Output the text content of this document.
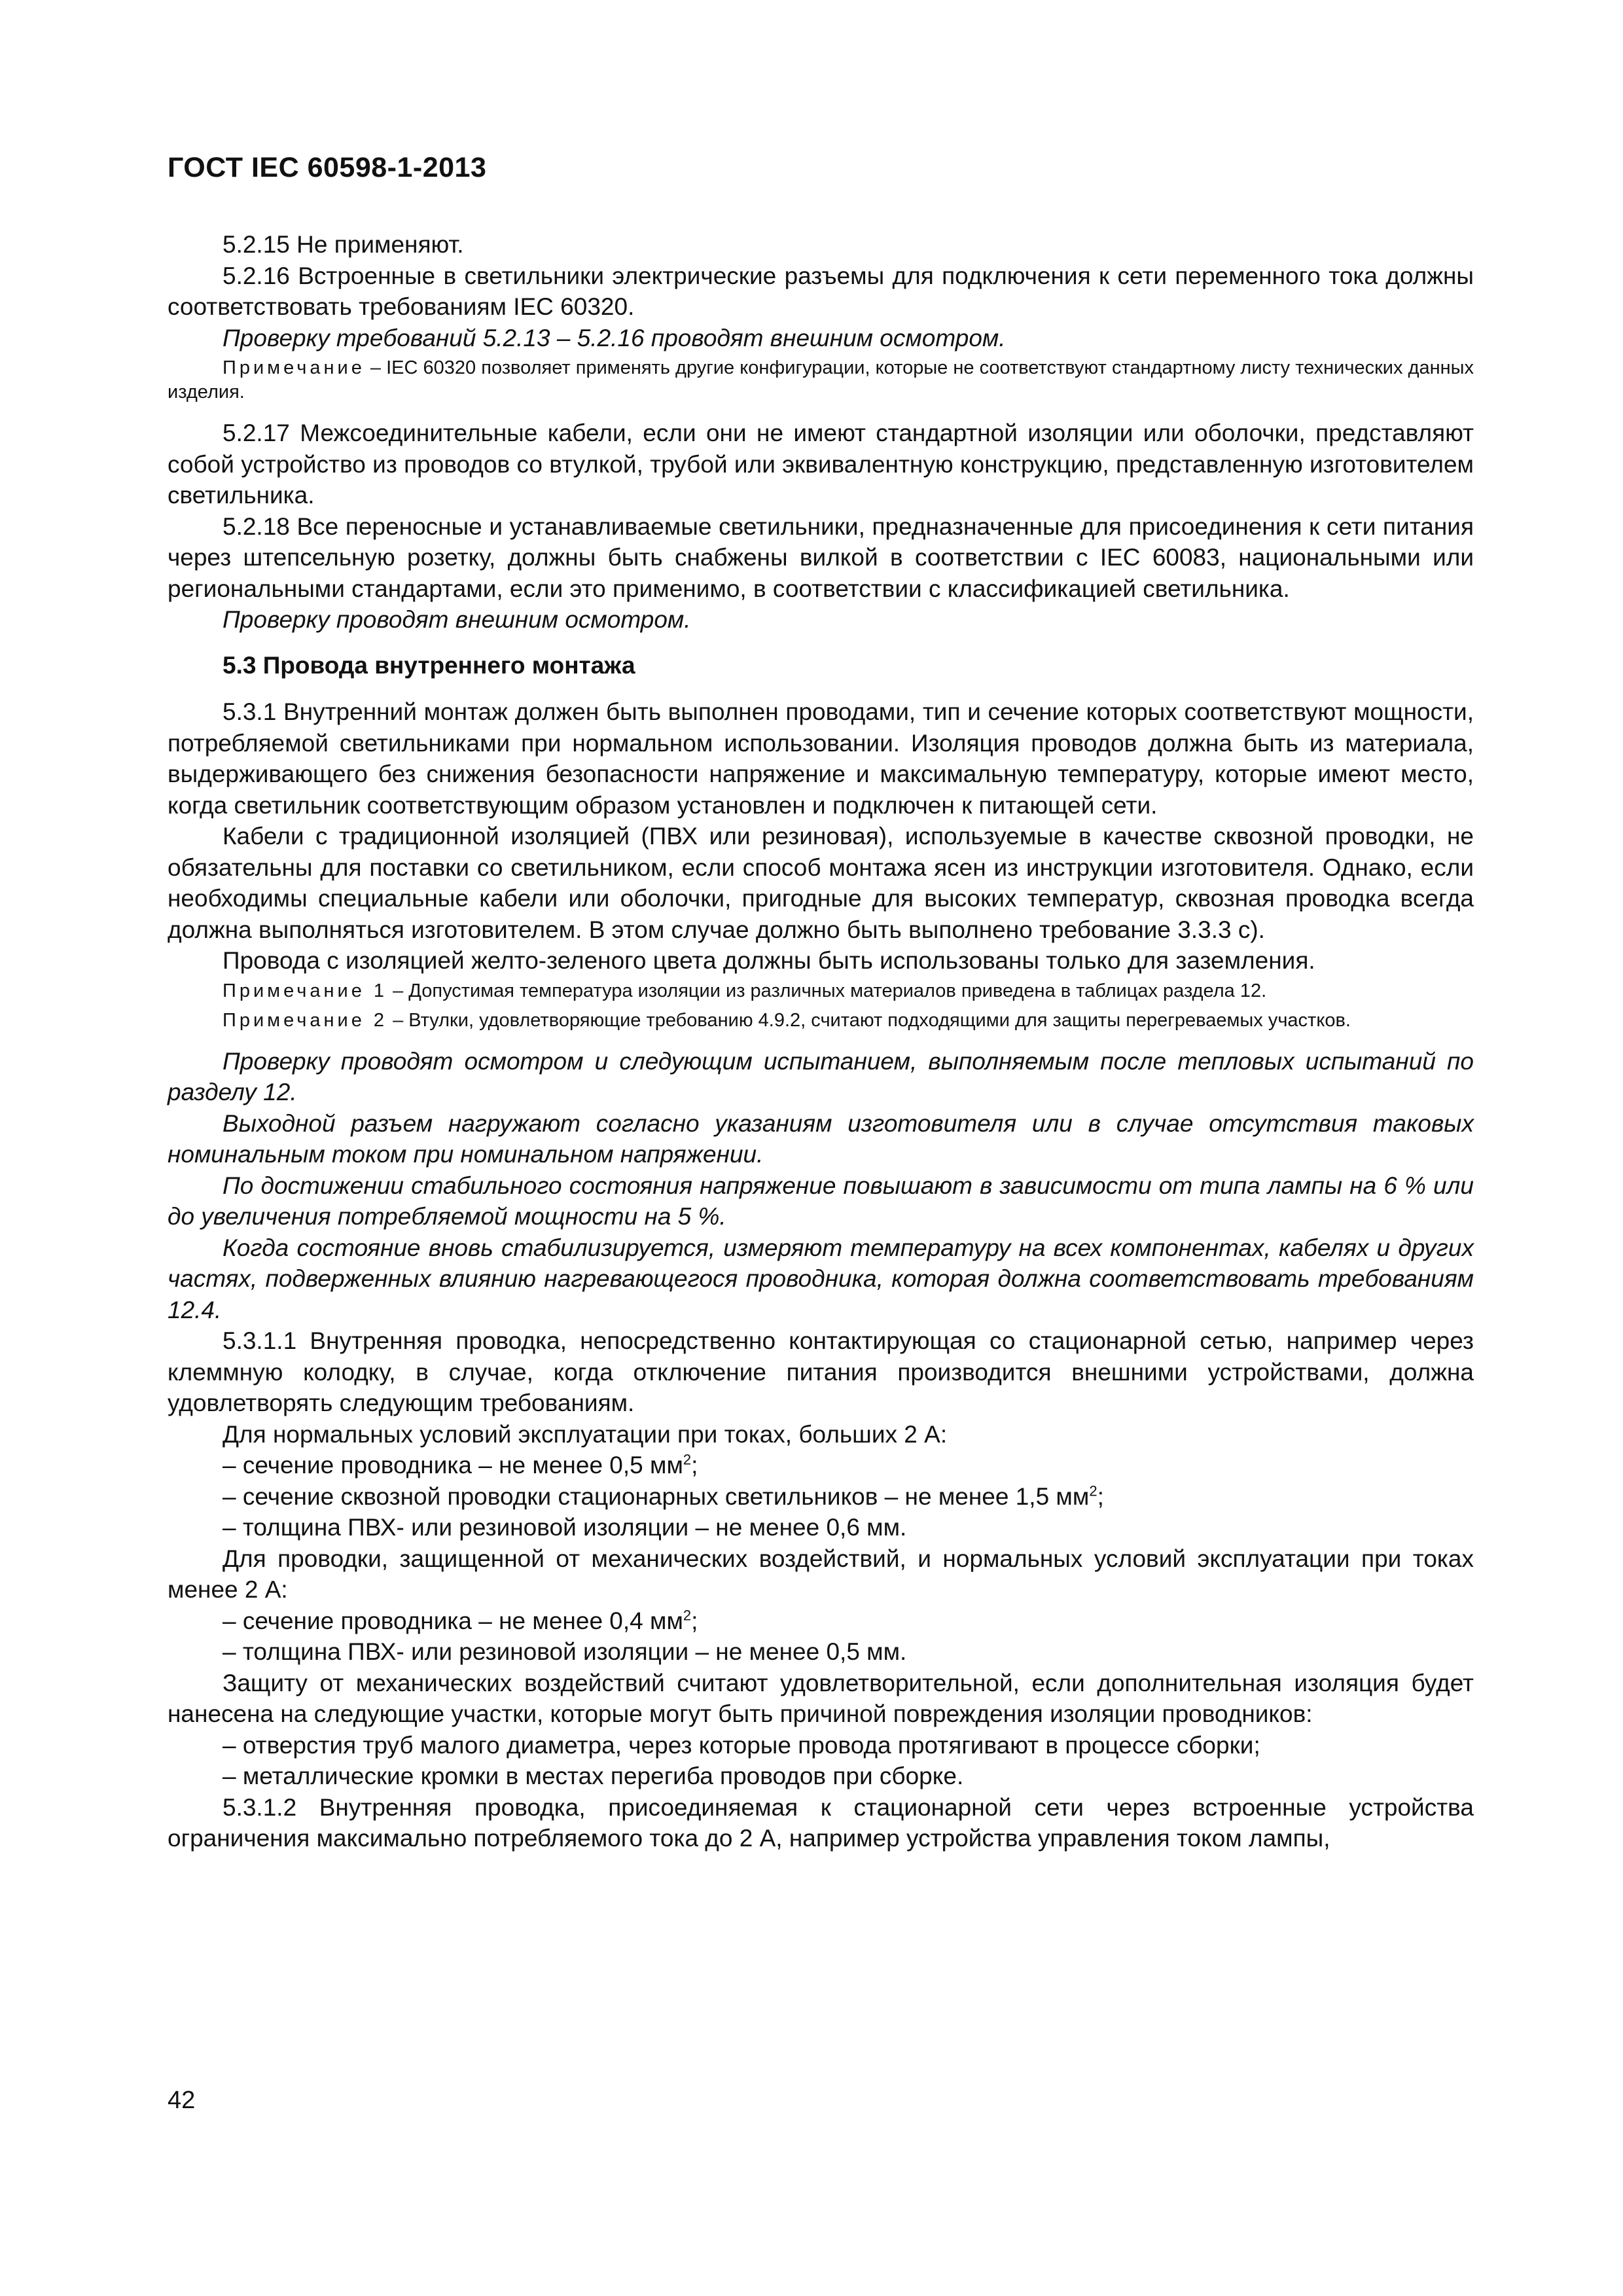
ГОСТ IEC 60598-1-2013

5.2.15 Не применяют.

5.2.16 Встроенные в светильники электрические разъемы для подключения к сети переменного тока должны соответствовать требованиям IEC 60320.

Проверку требований 5.2.13 – 5.2.16 проводят внешним осмотром.

Примечание – IEC 60320 позволяет применять другие конфигурации, которые не соответствуют стандартному листу технических данных изделия.

5.2.17 Межсоединительные кабели, если они не имеют стандартной изоляции или оболочки, представляют собой устройство из проводов со втулкой, трубой или эквивалентную конструкцию, представленную изготовителем светильника.

5.2.18 Все переносные и устанавливаемые светильники, предназначенные для присоединения к сети питания через штепсельную розетку, должны быть снабжены вилкой в соответствии с IEC 60083, национальными или региональными стандартами, если это применимо, в соответствии с классификацией светильника.

Проверку проводят внешним осмотром.

5.3 Провода внутреннего монтажа

5.3.1 Внутренний монтаж должен быть выполнен проводами, тип и сечение которых соответствуют мощности, потребляемой светильниками при нормальном использовании. Изоляция проводов должна быть из материала, выдерживающего без снижения безопасности напряжение и максимальную температуру, которые имеют место, когда светильник соответствующим образом установлен и подключен к питающей сети.

Кабели с традиционной изоляцией (ПВХ или резиновая), используемые в качестве сквозной проводки, не обязательны для поставки со светильником, если способ монтажа ясен из инструкции изготовителя. Однако, если необходимы специальные кабели или оболочки, пригодные для высоких температур, сквозная проводка всегда должна выполняться изготовителем. В этом случае должно быть выполнено требование 3.3.3 с).

Провода с изоляцией желто-зеленого цвета должны быть использованы только для заземления.

Примечание 1 – Допустимая температура изоляции из различных материалов приведена в таблицах раздела 12.

Примечание 2 – Втулки, удовлетворяющие требованию 4.9.2, считают подходящими для защиты перегреваемых участков.

Проверку проводят осмотром и следующим испытанием, выполняемым после тепловых испытаний по разделу 12.

Выходной разъем нагружают согласно указаниям изготовителя или в случае отсутствия таковых номинальным током при номинальном напряжении.

По достижении стабильного состояния напряжение повышают в зависимости от типа лампы на 6 % или до увеличения потребляемой мощности на 5 %.

Когда состояние вновь стабилизируется, измеряют температуру на всех компонентах, кабелях и других частях, подверженных влиянию нагревающегося проводника, которая должна соответствовать требованиям 12.4.

5.3.1.1 Внутренняя проводка, непосредственно контактирующая со стационарной сетью, например через клеммную колодку, в случае, когда отключение питания производится внешними устройствами, должна удовлетворять следующим требованиям.

Для нормальных условий эксплуатации при токах, больших 2 А:

– сечение проводника – не менее 0,5 $мм^2$;

– сечение сквозной проводки стационарных светильников – не менее 1,5 $мм^2$;

– толщина ПВХ- или резиновой изоляции – не менее 0,6 мм.

Для проводки, защищенной от механических воздействий, и нормальных условий эксплуатации при токах менее 2 А:

– сечение проводника – не менее 0,4 $мм^2$;

– толщина ПВХ- или резиновой изоляции – не менее 0,5 мм.

Защиту от механических воздействий считают удовлетворительной, если дополнительная изоляция будет нанесена на следующие участки, которые могут быть причиной повреждения изоляции проводников:

– отверстия труб малого диаметра, через которые провода протягивают в процессе сборки;

– металлические кромки в местах перегиба проводов при сборке.

5.3.1.2 Внутренняя проводка, присоединяемая к стационарной сети через встроенные устройства ограничения максимально потребляемого тока до 2 А, например устройства управления током лампы,

42
